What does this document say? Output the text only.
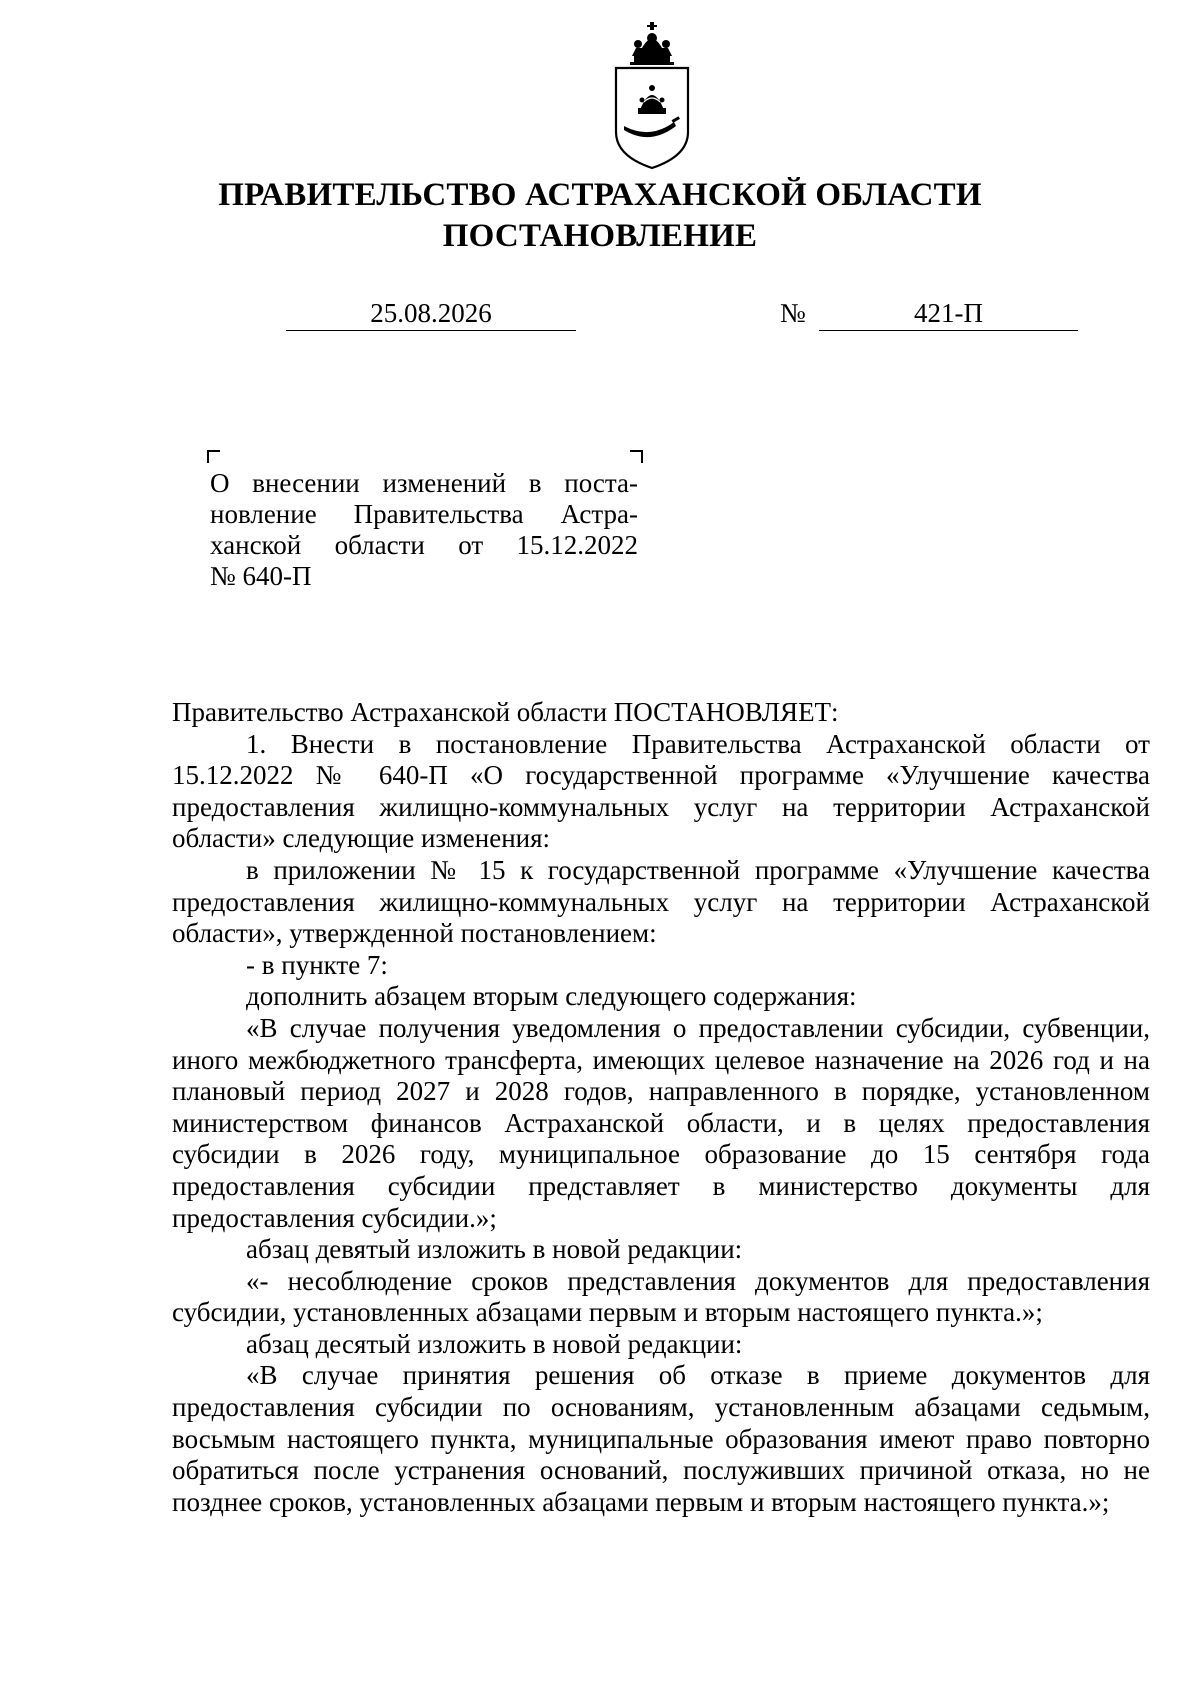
ПРАВИТЕЛЬСТВО АСТРАХАНСКОЙ ОБЛАСТИ
ПОСТАНОВЛЕНИЕ
25.08.2026	№	421-П

О внесении изменений в поста-

новление Правительства Астра-

ханской области от 15.12.2022

№ 640-П

Правительство Астраханской области ПОСТАНОВЛЯЕТ:

1. Внести в постановление Правительства Астраханской области от 15.12.2022 № 640-П «О государственной программе «Улучшение качества предоставления жилищно-коммунальных услуг на территории Астраханской области» следующие изменения:

в приложении № 15 к государственной программе «Улучшение качества предоставления жилищно-коммунальных услуг на территории Астраханской области», утвержденной постановлением:

- в пункте 7:

дополнить абзацем вторым следующего содержания:

«В случае получения уведомления о предоставлении субсидии, субвенции, иного межбюджетного трансферта, имеющих целевое назначение на 2026 год и на плановый период 2027 и 2028 годов, направленного в порядке, установленном министерством финансов Астраханской области, и в целях предоставления субсидии в 2026 году, муниципальное образование до 15 сентября года предоставления субсидии представляет в министерство документы для предоставления субсидии.»;

абзац девятый изложить в новой редакции:

«- несоблюдение сроков представления документов для предоставления субсидии, установленных абзацами первым и вторым настоящего пункта.»;

абзац десятый изложить в новой редакции:

«В случае принятия решения об отказе в приеме документов для предоставления субсидии по основаниям, установленным абзацами седьмым, восьмым настоящего пункта, муниципальные образования имеют право повторно обратиться после устранения оснований, послуживших причиной отказа, но не позднее сроков, установленных абзацами первым и вторым настоящего пункта.»;
